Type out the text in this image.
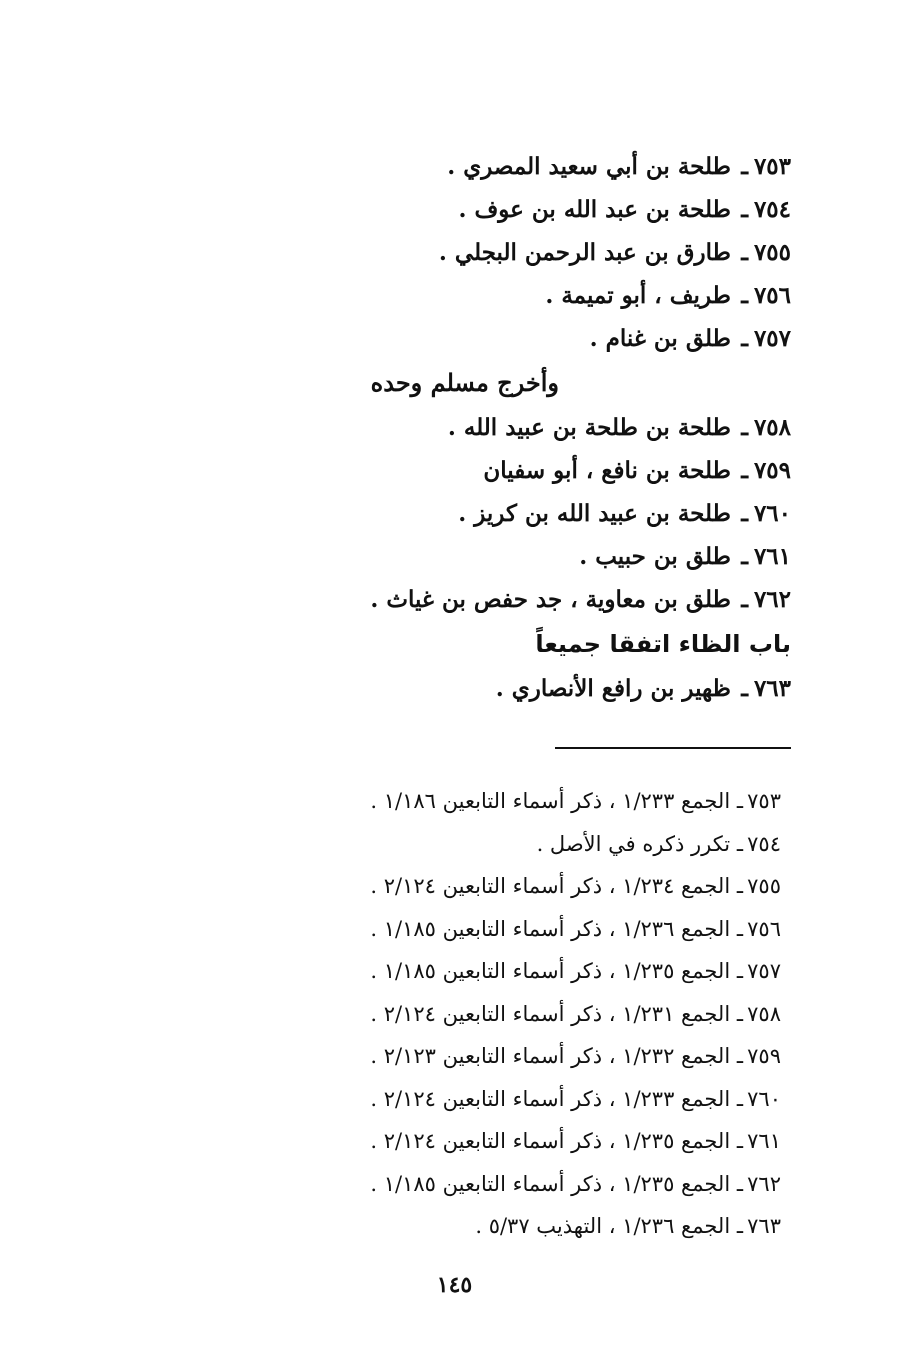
٧٥٣ـ طلحة بن أبي سعيد المصري .
٧٥٤ـ طلحة بن عبد الله بن عوف .
٧٥٥ـ طارق بن عبد الرحمن البجلي .
٧٥٦ـ طريف ، أبو تميمة .
٧٥٧ـ طلق بن غنام .
وأخرج مسلم وحده
٧٥٨ـ طلحة بن طلحة بن عبيد الله .
٧٥٩ـ طلحة بن نافع ، أبو سفيان
٧٦٠ـ طلحة بن عبيد الله بن كريز .
٧٦١ـ طلق بن حبيب .
٧٦٢ـ طلق بن معاوية ، جد حفص بن غياث .
باب الظاء اتفقا جميعاً
٧٦٣ـ ظهير بن رافع الأنصاري .
٧٥٣ـ الجمع ١/٢٣٣ ، ذكر أسماء التابعين ١/١٨٦ .
٧٥٤ـ تكرر ذكره في الأصل .
٧٥٥ـ الجمع ١/٢٣٤ ، ذكر أسماء التابعين ٢/١٢٤ .
٧٥٦ـ الجمع ١/٢٣٦ ، ذكر أسماء التابعين ١/١٨٥ .
٧٥٧ـ الجمع ١/٢٣٥ ، ذكر أسماء التابعين ١/١٨٥ .
٧٥٨ـ الجمع ١/٢٣١ ، ذكر أسماء التابعين ٢/١٢٤ .
٧٥٩ـ الجمع ١/٢٣٢ ، ذكر أسماء التابعين ٢/١٢٣ .
٧٦٠ـ الجمع ١/٢٣٣ ، ذكر أسماء التابعين ٢/١٢٤ .
٧٦١ـ الجمع ١/٢٣٥ ، ذكر أسماء التابعين ٢/١٢٤ .
٧٦٢ـ الجمع ١/٢٣٥ ، ذكر أسماء التابعين ١/١٨٥ .
٧٦٣ـ الجمع ١/٢٣٦ ، التهذيب ٥/٣٧ .
١٤٥
